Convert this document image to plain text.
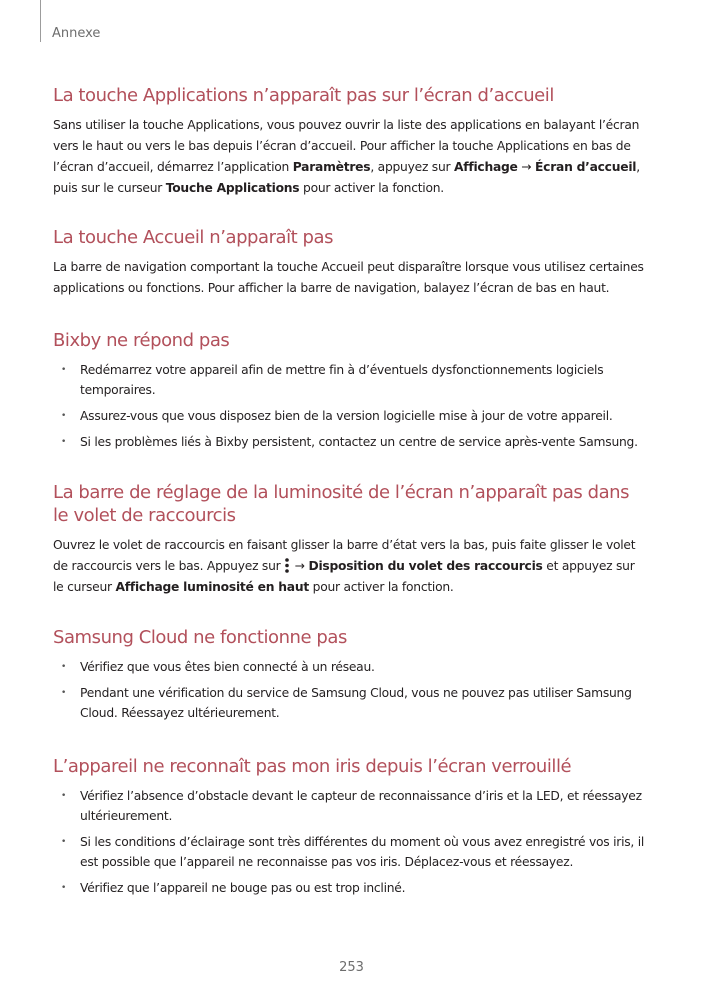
Annexe
La touche Applications n’apparaît pas sur l’écran d’accueil

Sans utiliser la touche Applications, vous pouvez ouvrir la liste des applications en balayant l’écran vers le haut ou vers le bas depuis l’écran d’accueil. Pour afficher la touche Applications en bas de l’écran d’accueil, démarrez l’application Paramètres, appuyez sur Affichage → Écran d’accueil, puis sur le curseur Touche Applications pour activer la fonction.

La touche Accueil n’apparaît pas

La barre de navigation comportant la touche Accueil peut disparaître lorsque vous utilisez certaines applications ou fonctions. Pour afficher la barre de navigation, balayez l’écran de bas en haut.

Bixby ne répond pas
• Redémarrez votre appareil afin de mettre fin à d’éventuels dysfonctionnements logiciels temporaires.
• Assurez-vous que vous disposez bien de la version logicielle mise à jour de votre appareil.
• Si les problèmes liés à Bixby persistent, contactez un centre de service après-vente Samsung.
La barre de réglage de la luminosité de l’écran n’apparaît pas dans le volet de raccourcis

Ouvrez le volet de raccourcis en faisant glisser la barre d’état vers la bas, puis faite glisser le volet de raccourcis vers le bas. Appuyez sur  → Disposition du volet des raccourcis et appuyez sur le curseur Affichage luminosité en haut pour activer la fonction.

Samsung Cloud ne fonctionne pas
• Vérifiez que vous êtes bien connecté à un réseau.
• Pendant une vérification du service de Samsung Cloud, vous ne pouvez pas utiliser Samsung Cloud. Réessayez ultérieurement.
L’appareil ne reconnaît pas mon iris depuis l’écran verrouillé
• Vérifiez l’absence d’obstacle devant le capteur de reconnaissance d’iris et la LED, et réessayez ultérieurement.
• Si les conditions d’éclairage sont très différentes du moment où vous avez enregistré vos iris, il est possible que l’appareil ne reconnaisse pas vos iris. Déplacez-vous et réessayez.
• Vérifiez que l’appareil ne bouge pas ou est trop incliné.
253
